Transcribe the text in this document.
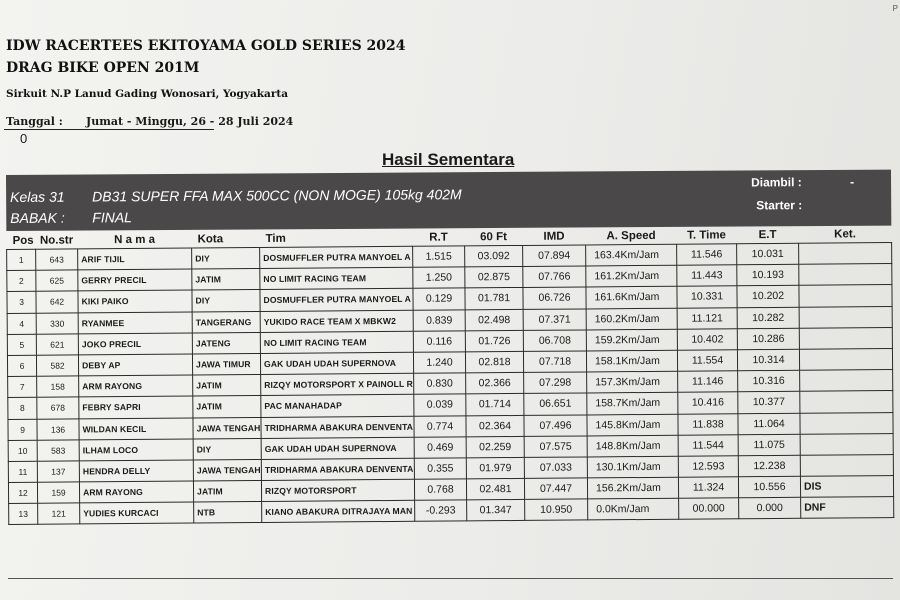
P
IDW RACERTEES EKITOYAMA GOLD SERIES 2024
DRAG BIKE OPEN 201M
Sirkuit N.P Lanud Gading Wonosari, Yogyakarta
Tanggal : Jumat - Minggu, 26 - 28 Juli 2024
0
Hasil Sementara
Kelas 31 DB31 SUPER FFA MAX 500CC (NON MOGE) 105kg 402M
BABAK : FINAL
Diambil :	-
Starter :
Pos	No.str	N a m a	Kota	Tim	R.T	60 Ft	IMD	A. Speed	T. Time	E.T	Ket.
1	643	ARIF TIJIL	DIY	DOSMUFFLER PUTRA MANYOEL A	1.515	03.092	07.894	163.4Km/Jam	11.546	10.031	
2	625	GERRY PRECIL	JATIM	NO LIMIT RACING TEAM	1.250	02.875	07.766	161.2Km/Jam	11.443	10.193	
3	642	KIKI PAIKO	DIY	DOSMUFFLER PUTRA MANYOEL A	0.129	01.781	06.726	161.6Km/Jam	10.331	10.202	
4	330	RYANMEE	TANGERANG	YUKIDO RACE TEAM X MBKW2	0.839	02.498	07.371	160.2Km/Jam	11.121	10.282	
5	621	JOKO PRECIL	JATENG	NO LIMIT RACING TEAM	0.116	01.726	06.708	159.2Km/Jam	10.402	10.286	
6	582	DEBY AP	JAWA TIMUR	GAK UDAH UDAH SUPERNOVA	1.240	02.818	07.718	158.1Km/Jam	11.554	10.314	
7	158	ARM RAYONG	JATIM	RIZQY MOTORSPORT X PAINOLL R	0.830	02.366	07.298	157.3Km/Jam	11.146	10.316	
8	678	FEBRY SAPRI	JATIM	PAC MANAHADAP	0.039	01.714	06.651	158.7Km/Jam	10.416	10.377	
9	136	WILDAN KECIL	JAWA TENGAH	TRIDHARMA ABAKURA DENVENTA	0.774	02.364	07.496	145.8Km/Jam	11.838	11.064	
10	583	ILHAM LOCO	DIY	GAK UDAH UDAH SUPERNOVA	0.469	02.259	07.575	148.8Km/Jam	11.544	11.075	
11	137	HENDRA DELLY	JAWA TENGAH	TRIDHARMA ABAKURA DENVENTA	0.355	01.979	07.033	130.1Km/Jam	12.593	12.238	
12	159	ARM RAYONG	JATIM	RIZQY MOTORSPORT	0.768	02.481	07.447	156.2Km/Jam	11.324	10.556	DIS
13	121	YUDIES KURCACI	NTB	KIANO ABAKURA DITRAJAYA MAN	-0.293	01.347	10.950	0.0Km/Jam	00.000	0.000	DNF
